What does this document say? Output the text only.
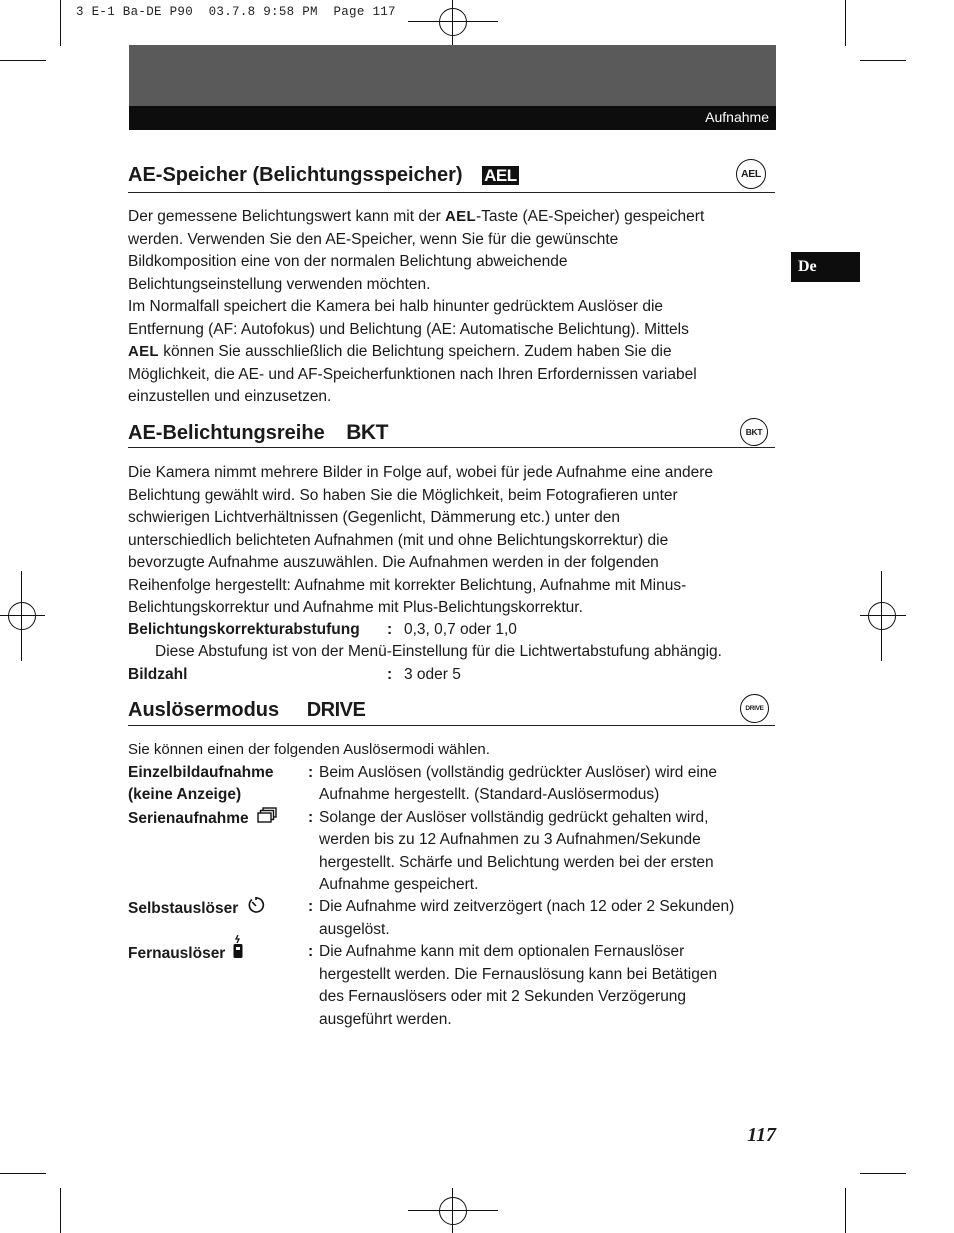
3 E-1 Ba-DE P90  03.7.8 9:58 PM  Page 117
Aufnahme
De
AE-Speicher (Belichtungsspeicher) AEL	AEL
Der gemessene Belichtungswert kann mit der AEL-Taste (AE-Speicher) gespeichert
werden. Verwenden Sie den AE-Speicher, wenn Sie für die gewünschte
Bildkomposition eine von der normalen Belichtung abweichende
Belichtungseinstellung verwenden möchten.
Im Normalfall speichert die Kamera bei halb hinunter gedrücktem Auslöser die
Entfernung (AF: Autofokus) und Belichtung (AE: Automatische Belichtung). Mittels
AEL können Sie ausschließlich die Belichtung speichern. Zudem haben Sie die
Möglichkeit, die AE- und AF-Speicherfunktionen nach Ihren Erfordernissen variabel
einzustellen und einzusetzen.
AE-Belichtungsreihe BKT	BKT
Die Kamera nimmt mehrere Bilder in Folge auf, wobei für jede Aufnahme eine andere
Belichtung gewählt wird. So haben Sie die Möglichkeit, beim Fotografieren unter
schwierigen Lichtverhältnissen (Gegenlicht, Dämmerung etc.) unter den
unterschiedlich belichteten Aufnahmen (mit und ohne Belichtungskorrektur) die
bevorzugte Aufnahme auszuwählen. Die Aufnahmen werden in der folgenden
Reihenfolge hergestellt: Aufnahme mit korrekter Belichtung, Aufnahme mit Minus-
Belichtungskorrektur und Aufnahme mit Plus-Belichtungskorrektur.
Belichtungskorrekturabstufung : 0,3, 0,7 oder 1,0
Diese Abstufung ist von der Menü-Einstellung für die Lichtwertabstufung abhängig.
Bildzahl	: 3 oder 5
Auslösermodus DRIVE	DRIVE
Sie können einen der folgenden Auslösermodi wählen.
Einzelbildaufnahme
(keine Anzeige)
: Beim Auslösen (vollständig gedrückter Auslöser) wird eine
Aufnahme hergestellt. (Standard-Auslösermodus)
Serienaufnahme	: Solange der Auslöser vollständig gedrückt gehalten wird,
werden bis zu 12 Aufnahmen zu 3 Aufnahmen/Sekunde
hergestellt. Schärfe und Belichtung werden bei der ersten
Aufnahme gespeichert.
Selbstauslöser	: Die Aufnahme wird zeitverzögert (nach 12 oder 2 Sekunden)
ausgelöst.
Fernauslöser	: Die Aufnahme kann mit dem optionalen Fernauslöser
hergestellt werden. Die Fernauslösung kann bei Betätigen
des Fernauslösers oder mit 2 Sekunden Verzögerung
ausgeführt werden.
117
